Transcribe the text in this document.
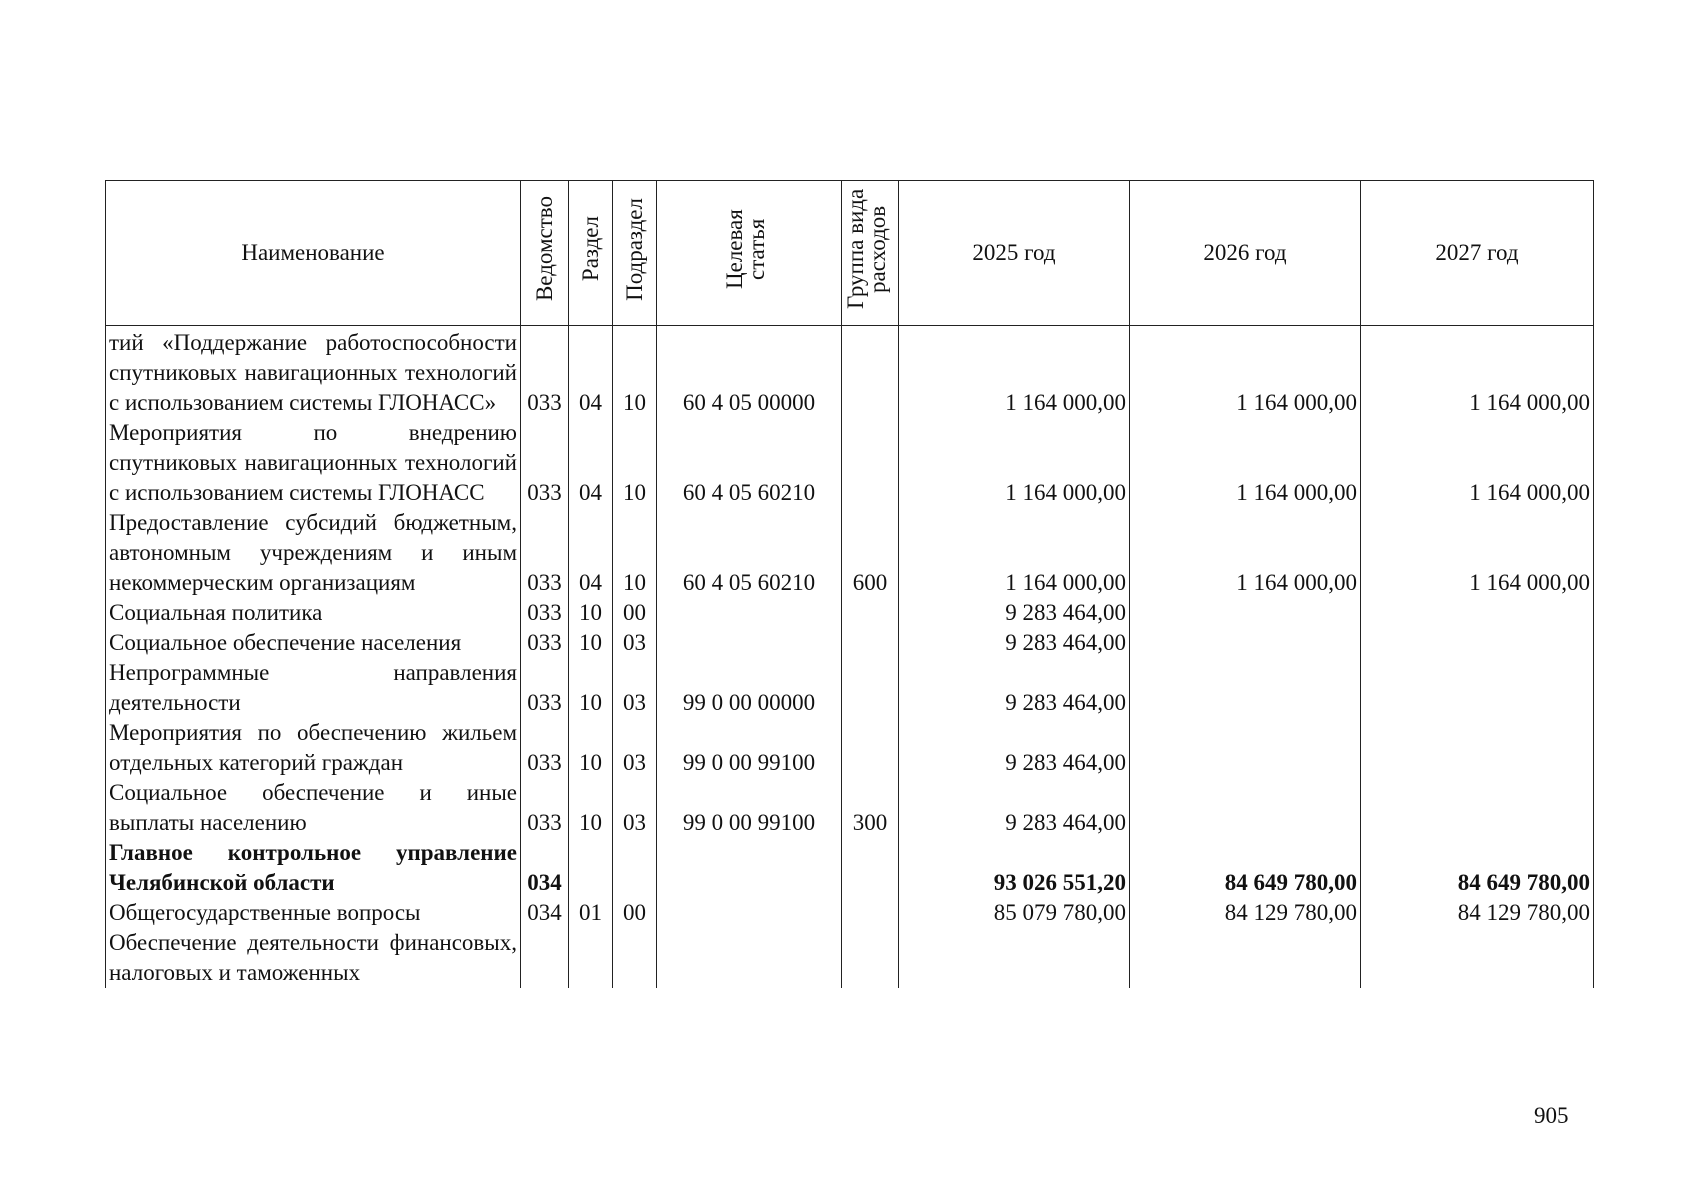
Наименование	Ведомство	Раздел	Подраздел	Целевая статья	Группа вида расходов	2025 год	2026 год	2027 год
тий «Поддержание работоспособности спутниковых навигационных технологий с использованием системы ГЛОНАСС»	033	04	10	60 4 05 00000		1 164 000,00	1 164 000,00	1 164 000,00
Мероприятия по внедрению спутниковых навигационных технологий с использованием системы ГЛОНАСС	033	04	10	60 4 05 60210		1 164 000,00	1 164 000,00	1 164 000,00
Предоставление субсидий бюджетным, автономным учреждениям и иным некоммерческим организациям	033	04	10	60 4 05 60210	600	1 164 000,00	1 164 000,00	1 164 000,00
Социальная политика	033	10	00			9 283 464,00		
Социальное обеспечение населения	033	10	03			9 283 464,00		
Непрограммные направления деятельности	033	10	03	99 0 00 00000		9 283 464,00		
Мероприятия по обеспечению жильем отдельных категорий граждан	033	10	03	99 0 00 99100		9 283 464,00		
Социальное обеспечение и иные выплаты населению	033	10	03	99 0 00 99100	300	9 283 464,00		
Главное контрольное управление Челябинской области	034					93 026 551,20	84 649 780,00	84 649 780,00
Общегосударственные вопросы	034	01	00			85 079 780,00	84 129 780,00	84 129 780,00
Обеспечение деятельности финансовых, налоговых и таможенных								
905
